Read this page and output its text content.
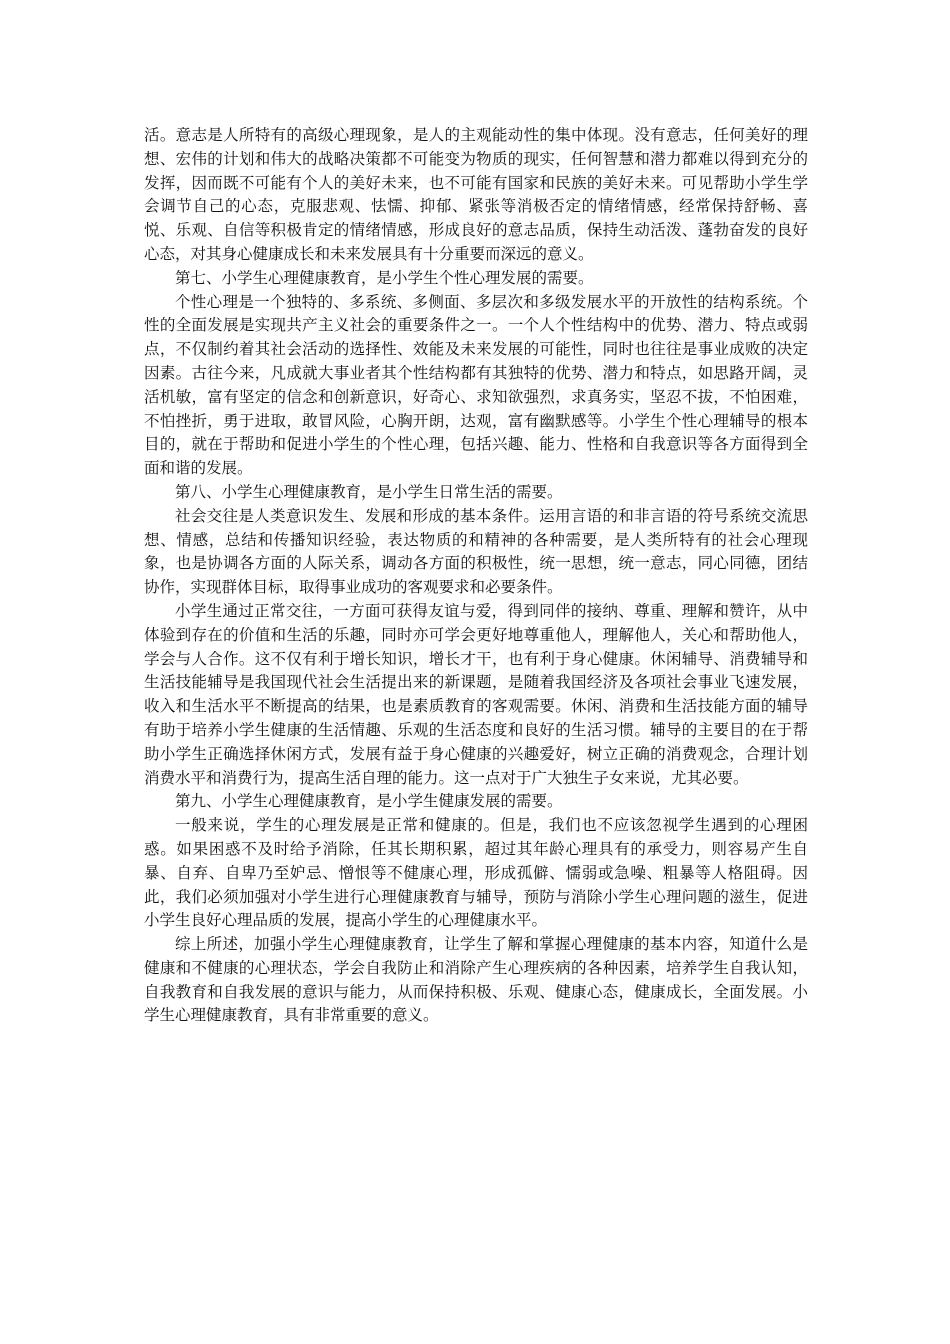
活。意志是人所特有的高级心理现象，是人的主观能动性的集中体现。没有意志，任何美好的理想、宏伟的计划和伟大的战略决策都不可能变为物质的现实，任何智慧和潜力都难以得到充分的发挥，因而既不可能有个人的美好未来，也不可能有国家和民族的美好未来。可见帮助小学生学会调节自己的心态，克服悲观、怯懦、抑郁、紧张等消极否定的情绪情感，经常保持舒畅、喜悦、乐观、自信等积极肯定的情绪情感，形成良好的意志品质，保持生动活泼、蓬勃奋发的良好心态，对其身心健康成长和未来发展具有十分重要而深远的意义。

第七、小学生心理健康教育，是小学生个性心理发展的需要。

个性心理是一个独特的、多系统、多侧面、多层次和多级发展水平的开放性的结构系统。个性的全面发展是实现共产主义社会的重要条件之一。一个人个性结构中的优势、潜力、特点或弱点，不仅制约着其社会活动的选择性、效能及未来发展的可能性，同时也往往是事业成败的决定因素。古往今来，凡成就大事业者其个性结构都有其独特的优势、潜力和特点，如思路开阔，灵活机敏，富有坚定的信念和创新意识，好奇心、求知欲强烈，求真务实，坚忍不拔，不怕困难，不怕挫折，勇于进取，敢冒风险，心胸开朗，达观，富有幽默感等。小学生个性心理辅导的根本目的，就在于帮助和促进小学生的个性心理，包括兴趣、能力、性格和自我意识等各方面得到全面和谐的发展。

第八、小学生心理健康教育，是小学生日常生活的需要。

社会交往是人类意识发生、发展和形成的基本条件。运用言语的和非言语的符号系统交流思想、情感，总结和传播知识经验，表达物质的和精神的各种需要，是人类所特有的社会心理现象，也是协调各方面的人际关系，调动各方面的积极性，统一思想，统一意志，同心同德，团结协作，实现群体目标，取得事业成功的客观要求和必要条件。

小学生通过正常交往，一方面可获得友谊与爱，得到同伴的接纳、尊重、理解和赞许，从中体验到存在的价值和生活的乐趣，同时亦可学会更好地尊重他人，理解他人，关心和帮助他人，学会与人合作。这不仅有利于增长知识，增长才干，也有利于身心健康。休闲辅导、消费辅导和生活技能辅导是我国现代社会生活提出来的新课题，是随着我国经济及各项社会事业飞速发展，收入和生活水平不断提高的结果，也是素质教育的客观需要。休闲、消费和生活技能方面的辅导有助于培养小学生健康的生活情趣、乐观的生活态度和良好的生活习惯。辅导的主要目的在于帮助小学生正确选择休闲方式，发展有益于身心健康的兴趣爱好，树立正确的消费观念，合理计划消费水平和消费行为，提高生活自理的能力。这一点对于广大独生子女来说，尤其必要。

第九、小学生心理健康教育，是小学生健康发展的需要。

一般来说，学生的心理发展是正常和健康的。但是，我们也不应该忽视学生遇到的心理困惑。如果困惑不及时给予消除，任其长期积累，超过其年龄心理具有的承受力，则容易产生自暴、自弃、自卑乃至妒忌、憎恨等不健康心理，形成孤僻、懦弱或急噪、粗暴等人格阻碍。因此，我们必须加强对小学生进行心理健康教育与辅导，预防与消除小学生心理问题的滋生，促进小学生良好心理品质的发展，提高小学生的心理健康水平。

综上所述，加强小学生心理健康教育，让学生了解和掌握心理健康的基本内容，知道什么是健康和不健康的心理状态，学会自我防止和消除产生心理疾病的各种因素，培养学生自我认知，自我教育和自我发展的意识与能力，从而保持积极、乐观、健康心态，健康成长，全面发展。小学生心理健康教育，具有非常重要的意义。
